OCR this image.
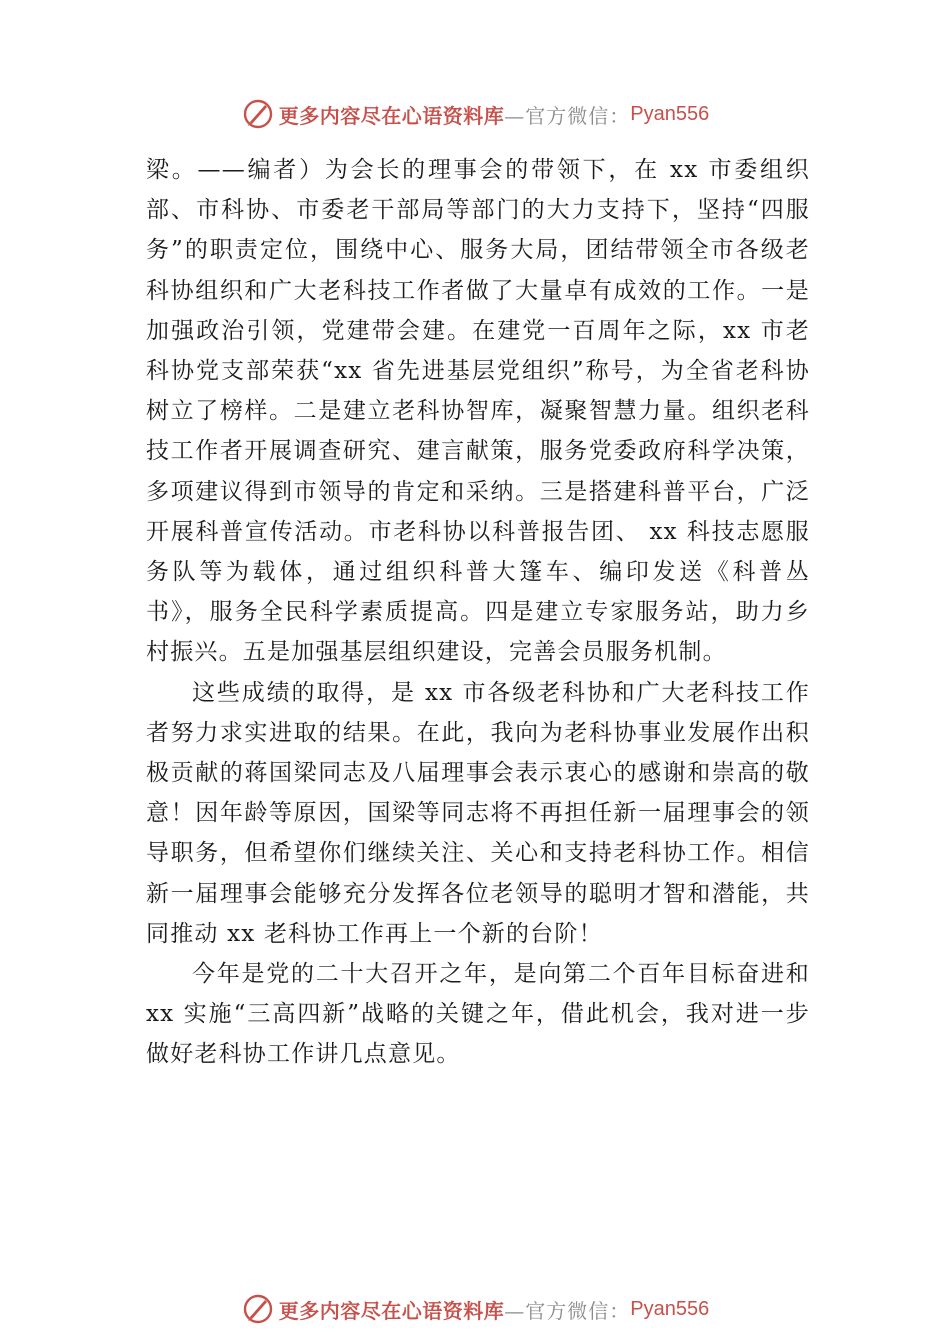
更多内容尽在心语资料库 —官方微信： Pyan556

梁。——编者）为会长的理事会的带领下，在 xx 市委组织部、市科协、市委老干部局等部门的大力支持下，坚持“四服务”的职责定位，围绕中心、服务大局，团结带领全市各级老科协组织和广大老科技工作者做了大量卓有成效的工作。一是加强政治引领，党建带会建。在建党一百周年之际，xx 市老科协党支部荣获“xx 省先进基层党组织”称号，为全省老科协树立了榜样。二是建立老科协智库，凝聚智慧力量。组织老科技工作者开展调查研究、建言献策，服务党委政府科学决策，多项建议得到市领导的肯定和采纳。三是搭建科普平台，广泛开展科普宣传活动。市老科协以科普报告团、 xx 科技志愿服务队等为载体，通过组织科普大篷车、编印发送《科普丛书》，服务全民科学素质提高。四是建立专家服务站，助力乡村振兴。五是加强基层组织建设，完善会员服务机制。

这些成绩的取得，是 xx 市各级老科协和广大老科技工作者努力求实进取的结果。在此，我向为老科协事业发展作出积极贡献的蒋国梁同志及八届理事会表示衷心的感谢和崇高的敬意！因年龄等原因，国梁等同志将不再担任新一届理事会的领导职务，但希望你们继续关注、关心和支持老科协工作。相信新一届理事会能够充分发挥各位老领导的聪明才智和潜能，共同推动 xx 老科协工作再上一个新的台阶！

今年是党的二十大召开之年，是向第二个百年目标奋进和 xx 实施“三高四新”战略的关键之年，借此机会，我对进一步做好老科协工作讲几点意见。

更多内容尽在心语资料库 —官方微信： Pyan556
